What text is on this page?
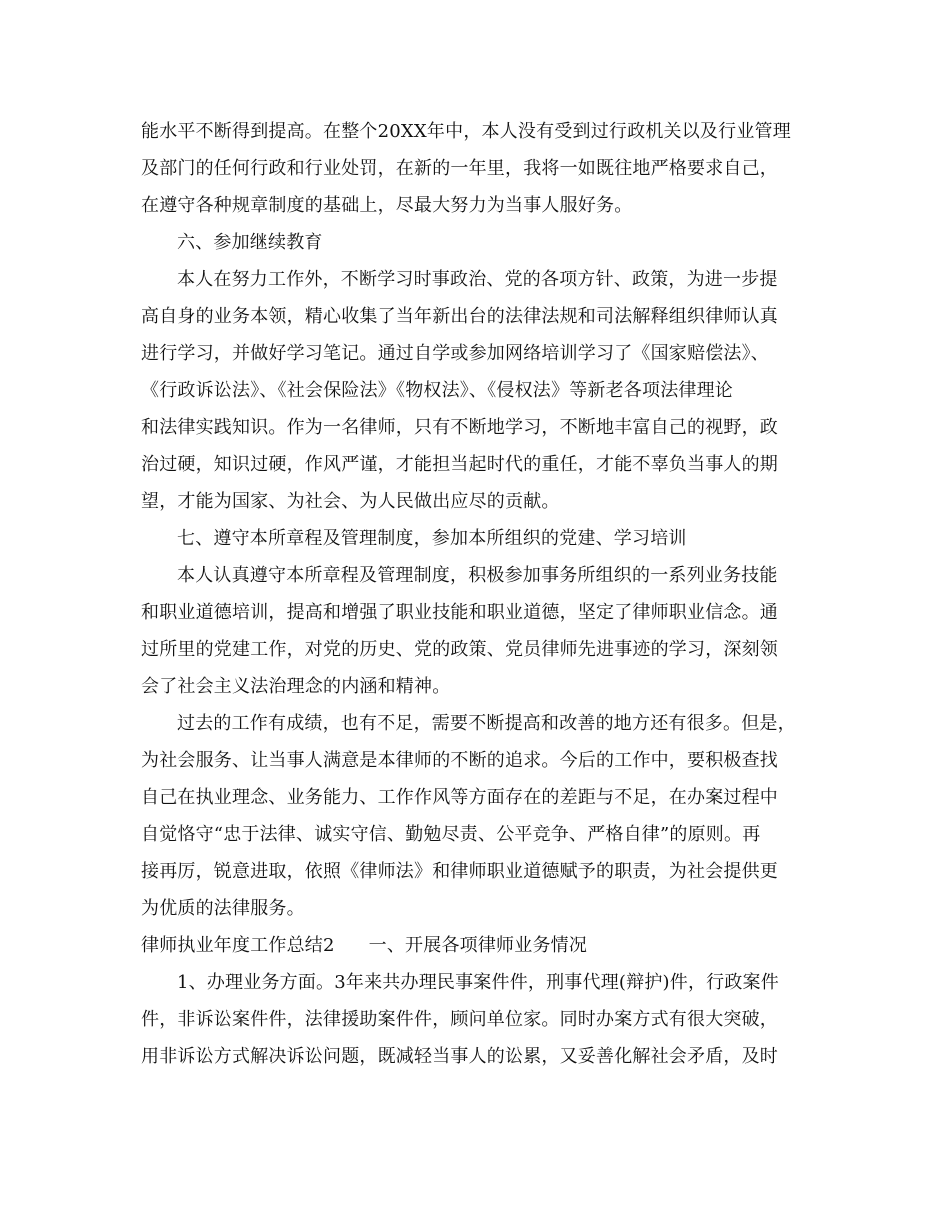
能水平不断得到提高。在整个20XX年中，本人没有受到过行政机关以及行业管理
及部门的任何行政和行业处罚，在新的一年里，我将一如既往地严格要求自己，
在遵守各种规章制度的基础上，尽最大努力为当事人服好务。
六、参加继续教育
本人在努力工作外，不断学习时事政治、党的各项方针、政策，为进一步提
高自身的业务本领，精心收集了当年新出台的法律法规和司法解释组织律师认真
进行学习，并做好学习笔记。通过自学或参加网络培训学习了《国家赔偿法》、
《行政诉讼法》、《社会保险法》《物权法》、《侵权法》等新老各项法律理论
和法律实践知识。作为一名律师，只有不断地学习，不断地丰富自己的视野，政
治过硬，知识过硬，作风严谨，才能担当起时代的重任，才能不辜负当事人的期
望，才能为国家、为社会、为人民做出应尽的贡献。
七、遵守本所章程及管理制度，参加本所组织的党建、学习培训
本人认真遵守本所章程及管理制度，积极参加事务所组织的一系列业务技能
和职业道德培训，提高和增强了职业技能和职业道德，坚定了律师职业信念。通
过所里的党建工作，对党的历史、党的政策、党员律师先进事迹的学习，深刻领
会了社会主义法治理念的内涵和精神。
过去的工作有成绩，也有不足，需要不断提高和改善的地方还有很多。但是，
为社会服务、让当事人满意是本律师的不断的追求。今后的工作中，要积极查找
自己在执业理念、业务能力、工作作风等方面存在的差距与不足，在办案过程中
自觉恪守“忠于法律、诚实守信、勤勉尽责、公平竞争、严格自律”的原则。再
接再厉，锐意进取，依照《律师法》和律师职业道德赋予的职责，为社会提供更
为优质的法律服务。
律师执业年度工作总结2 一、开展各项律师业务情况
1、办理业务方面。3年来共办理民事案件件，刑事代理(辩护)件，行政案件
件，非诉讼案件件，法律援助案件件，顾问单位家。同时办案方式有很大突破，
用非诉讼方式解决诉讼问题，既减轻当事人的讼累，又妥善化解社会矛盾，及时
